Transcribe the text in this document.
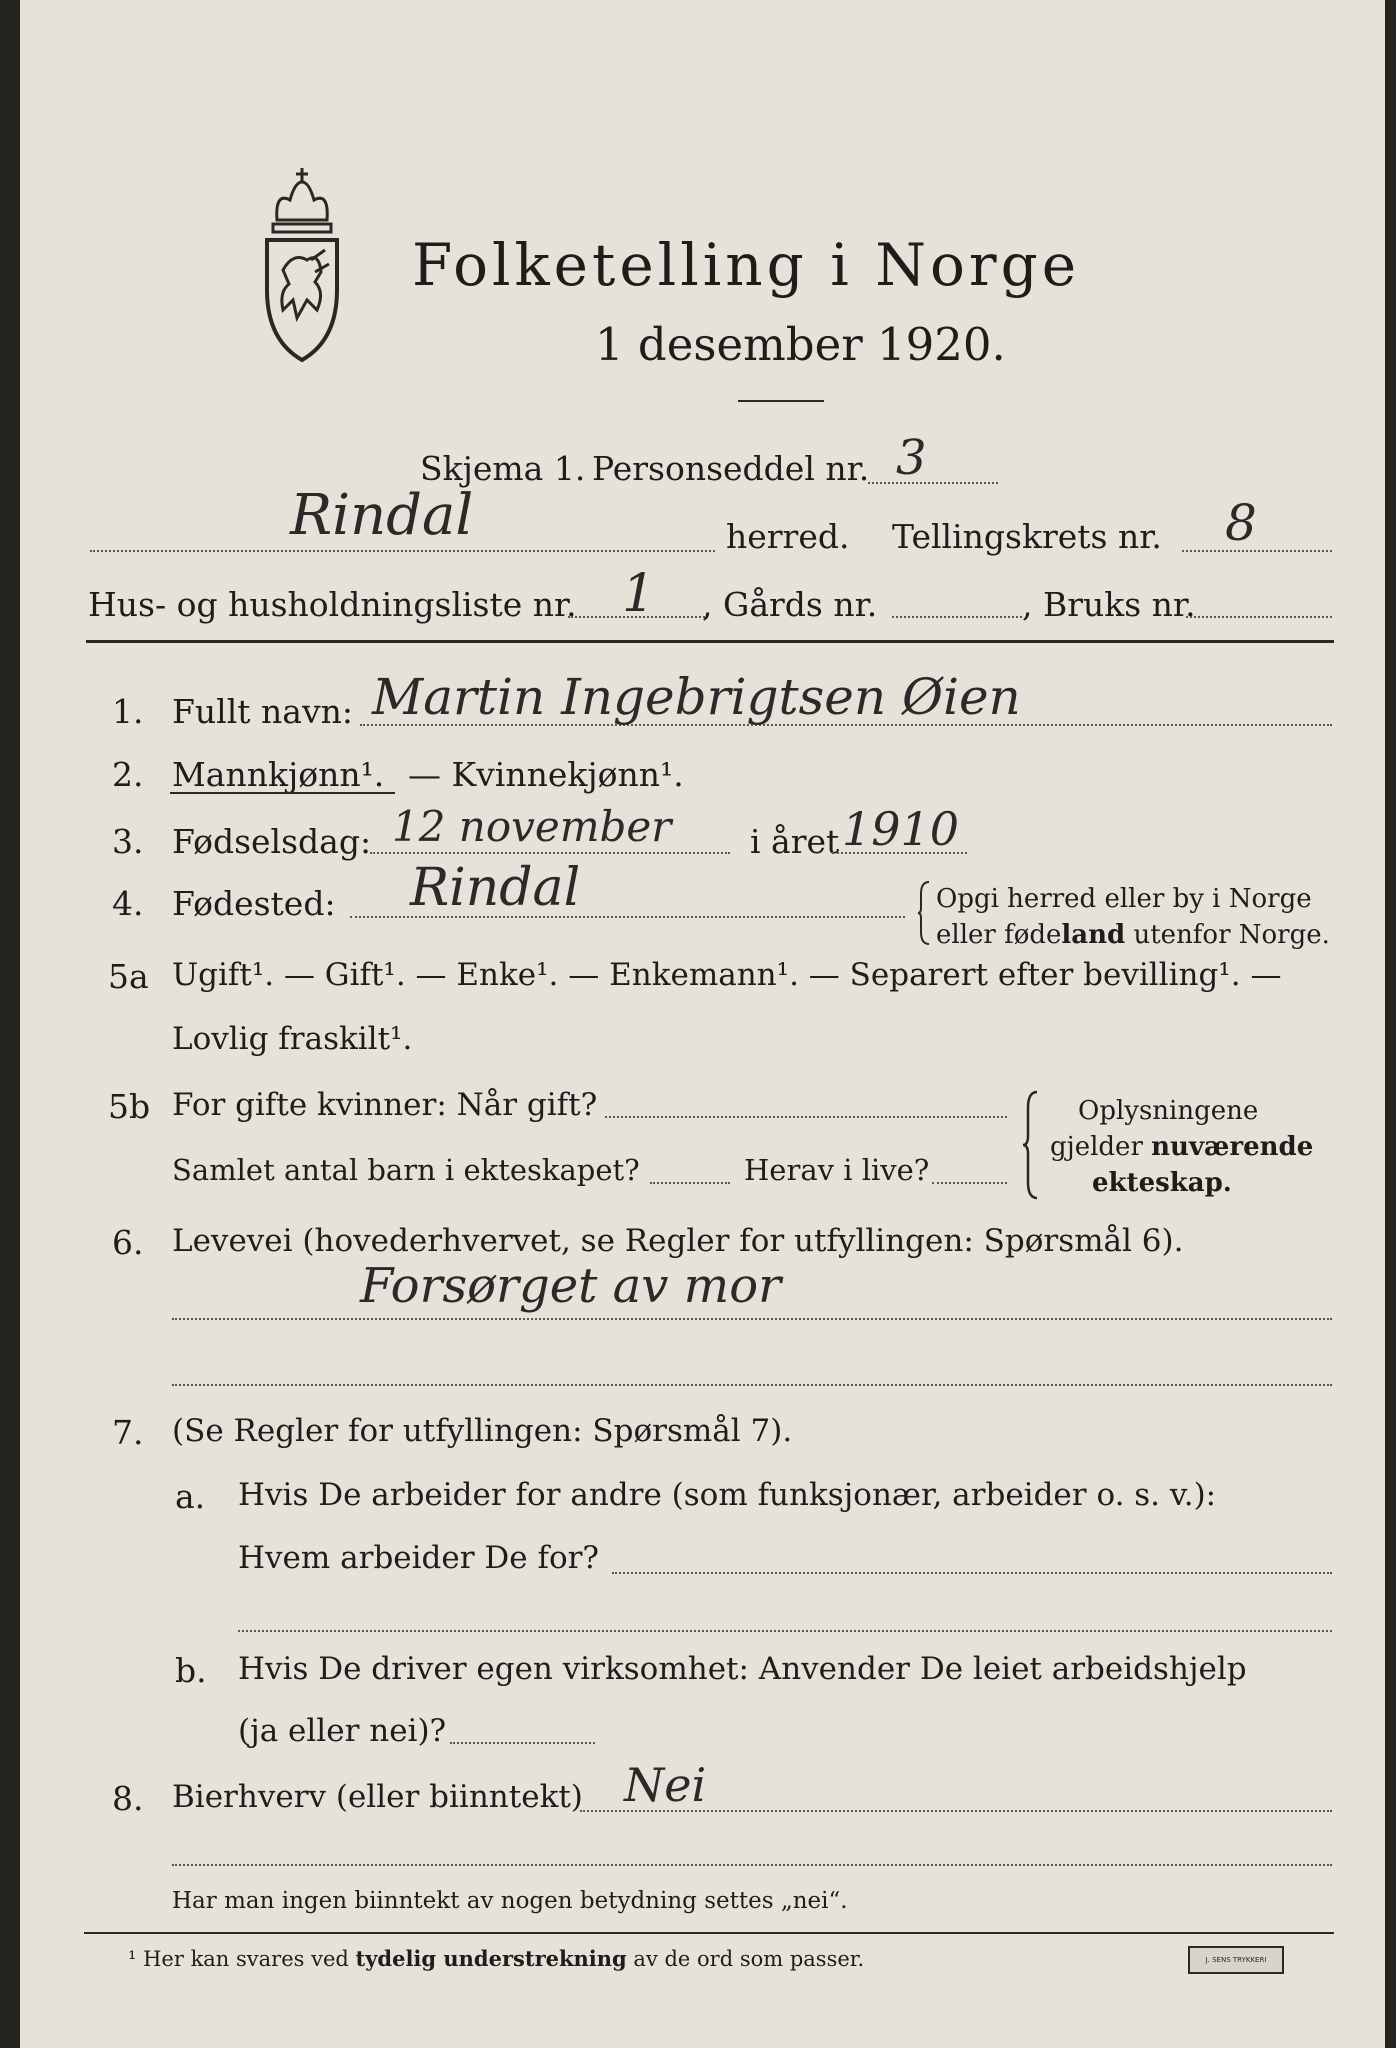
Folketelling i Norge
1 desember 1920.
Skjema 1. Personseddel nr. 3
Rindal	herred. Tellingskrets nr. 8
Hus- og husholdningsliste nr. 1 , Gårds nr.	, Bruks nr.
1. Fullt navn: Martin Ingebrigtsen Øien
2. Mannkjønn¹. — Kvinnekjønn¹.
3. Fødselsdag: 12 november i året 1910
4. Fødested: Rindal	Opgi herred eller by i Norge
eller fødeland utenfor Norge.
5a Ugift¹. — Gift¹. — Enke¹. — Enkemann¹. — Separert efter bevilling¹. —
Lovlig fraskilt¹.
5b For gifte kvinner: Når gift?
Samlet antal barn i ekteskapet?	Herav i live?
Oplysningene
gjelder nuværende
ekteskap.
6. Levevei (hovederhvervet, se Regler for utfyllingen: Spørsmål 6).
Forsørget av mor
7. (Se Regler for utfyllingen: Spørsmål 7).
a. Hvis De arbeider for andre (som funksjonær, arbeider o. s. v.):
Hvem arbeider De for?
b. Hvis De driver egen virksomhet: Anvender De leiet arbeidshjelp
(ja eller nei)?
8. Bierhverv (eller biinntekt) Nei
Har man ingen biinntekt av nogen betydning settes „nei“.
¹ Her kan svares ved tydelig understrekning av de ord som passer.	J. SENS TRYKKERI
